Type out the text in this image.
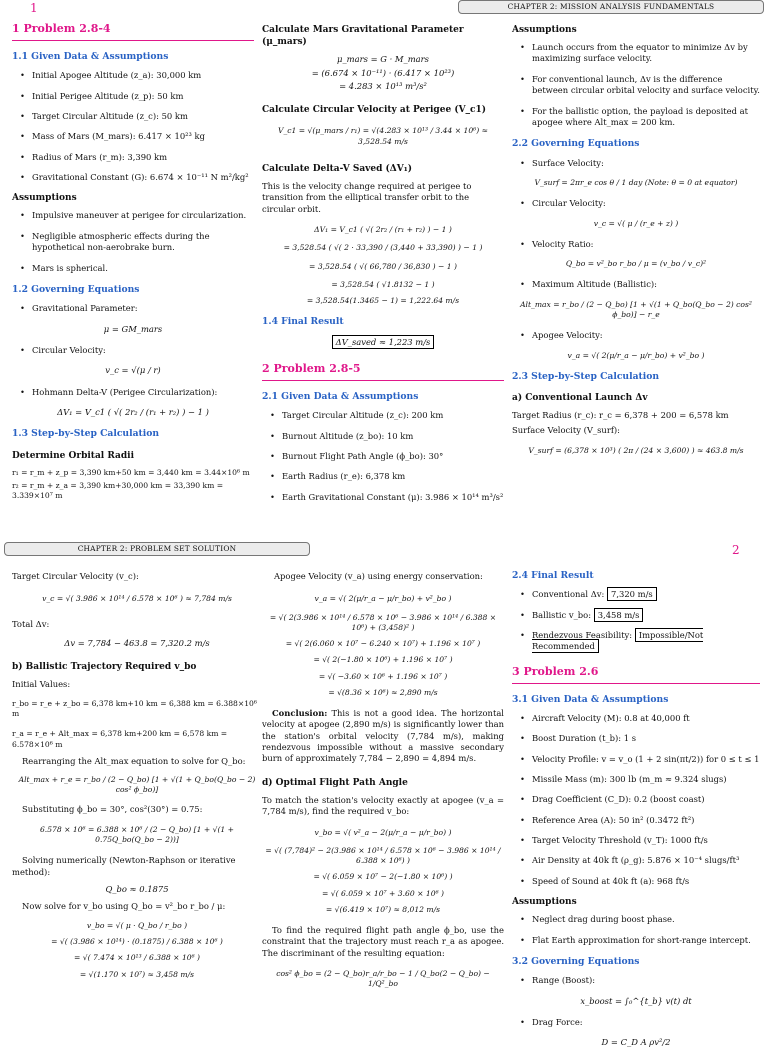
1	CHAPTER 2: MISSION ANALYSIS FUNDAMENTALS
1 Problem 2.8-4
1.1 Given Data & Assumptions
• Initial Apogee Altitude (z_a): 30,000 km
• Initial Perigee Altitude (z_p): 50 km
• Target Circular Altitude (z_c): 50 km
• Mass of Mars (M_mars): 6.417 × 10²³ kg
• Radius of Mars (r_m): 3,390 km
• Gravitational Constant (G): 6.674 × 10⁻¹¹ N m²/kg²
Assumptions
• Impulsive maneuver at perigee for circularization.
• Negligible atmospheric effects during the hypothetical non-aerobrake burn.
• Mars is spherical.
1.2 Governing Equations
• Gravitational Parameter:
μ = GM_mars
• Circular Velocity:
v_c = √(μ / r)
• Hohmann Delta-V (Perigee Circularization):
ΔV₁ = V_c1 ( √( 2r₂ / (r₁ + r₂) ) − 1 )
1.3 Step-by-Step Calculation
Determine Orbital Radii
r₁ = r_m + z_p = 3,390 km+50 km = 3,440 km = 3.44×10⁶ m
r₂ = r_m + z_a = 3,390 km+30,000 km = 33,390 km = 3.339×10⁷ m
Calculate Mars Gravitational Parameter (μ_mars)
μ_mars = G · M_mars
= (6.674 × 10⁻¹¹) · (6.417 × 10²³)
= 4.283 × 10¹³ m³/s²
Calculate Circular Velocity at Perigee (V_c1)
V_c1 = √(μ_mars / r₁) = √(4.283 × 10¹³ / 3.44 × 10⁶) ≈ 3,528.54 m/s
Calculate Delta-V Saved (ΔV₁)
This is the velocity change required at perigee to transition from the elliptical transfer orbit to the circular orbit.
ΔV₁ = V_c1 ( √( 2r₂ / (r₁ + r₂) ) − 1 )
= 3,528.54 ( √( 2 · 33,390 / (3,440 + 33,390) ) − 1 )
= 3,528.54 ( √( 66,780 / 36,830 ) − 1 )
= 3,528.54 ( √1.8132 − 1 )
= 3,528.54(1.3465 − 1) = 1,222.64 m/s
1.4 Final Result
ΔV_saved ≈ 1,223 m/s
2 Problem 2.8-5
2.1 Given Data & Assumptions
• Target Circular Altitude (z_c): 200 km
• Burnout Altitude (z_bo): 10 km
• Burnout Flight Path Angle (ϕ_bo): 30°
• Earth Radius (r_e): 6,378 km
• Earth Gravitational Constant (μ): 3.986 × 10¹⁴ m³/s²
Assumptions
• Launch occurs from the equator to minimize Δv by maximizing surface velocity.
• For conventional launch, Δv is the difference between circular orbital velocity and surface velocity.
• For the ballistic option, the payload is deposited at apogee where Alt_max = 200 km.
2.2 Governing Equations
• Surface Velocity:
V_surf = 2πr_e cos θ / 1 day (Note: θ = 0 at equator)
• Circular Velocity:
v_c = √( μ / (r_e + z) )
• Velocity Ratio:
Q_bo = v²_bo r_bo / μ = (v_bo / v_c)²
• Maximum Altitude (Ballistic):
Alt_max = r_bo / (2 − Q_bo) [1 + √(1 + Q_bo(Q_bo − 2) cos² ϕ_bo)] − r_e
• Apogee Velocity:
v_a = √( 2(μ/r_a − μ/r_bo) + v²_bo )
2.3 Step-by-Step Calculation
a) Conventional Launch Δv
Target Radius (r_c): r_c = 6,378 + 200 = 6,578 km
Surface Velocity (V_surf):
V_surf = (6,378 × 10³) ( 2π / (24 × 3,600) ) ≈ 463.8 m/s
CHAPTER 2: PROBLEM SET SOLUTION	2
Target Circular Velocity (v_c):
v_c = √( 3.986 × 10¹⁴ / 6.578 × 10⁶ ) ≈ 7,784 m/s
Total Δv:
Δv = 7,784 − 463.8 = 7,320.2 m/s
b) Ballistic Trajectory Required v_bo
Initial Values:
r_bo = r_e + z_bo = 6,378 km+10 km = 6,388 km = 6.388×10⁶ m
r_a = r_e + Alt_max = 6,378 km+200 km = 6,578 km = 6.578×10⁶ m
Rearranging the Alt_max equation to solve for Q_bo:
Alt_max + r_e = r_bo / (2 − Q_bo) [1 + √(1 + Q_bo(Q_bo − 2) cos² ϕ_bo)]
Substituting ϕ_bo = 30°, cos²(30°) = 0.75:
6.578 × 10⁶ = 6.388 × 10⁶ / (2 − Q_bo) [1 + √(1 + 0.75Q_bo(Q_bo − 2))]
Solving numerically (Newton-Raphson or iterative method):
Q_bo ≈ 0.1875
Now solve for v_bo using Q_bo = v²_bo r_bo / μ:
v_bo = √( μ · Q_bo / r_bo )
= √( (3.986 × 10¹⁴) · (0.1875) / 6.388 × 10⁶ )
= √( 7.474 × 10¹³ / 6.388 × 10⁶ )
= √(1.170 × 10⁷) ≈ 3,458 m/s
Apogee Velocity (v_a) using energy conservation:
v_a = √( 2(μ/r_a − μ/r_bo) + v²_bo )
= √( 2(3.986 × 10¹⁴ / 6.578 × 10⁶ − 3.986 × 10¹⁴ / 6.388 × 10⁶) + (3,458)² )
= √( 2(6.060 × 10⁷ − 6.240 × 10⁷) + 1.196 × 10⁷ )
= √( 2(−1.80 × 10⁶) + 1.196 × 10⁷ )
= √( −3.60 × 10⁶ + 1.196 × 10⁷ )
= √(8.36 × 10⁶) ≈ 2,890 m/s
Conclusion: This is not a good idea. The horizontal velocity at apogee (2,890 m/s) is significantly lower than the station's orbital velocity (7,784 m/s), making rendezvous impossible without a massive secondary burn of approximately 7,784 − 2,890 = 4,894 m/s.
d) Optimal Flight Path Angle
To match the station's velocity exactly at apogee (v_a = 7,784 m/s), find the required v_bo:
v_bo = √( v²_a − 2(μ/r_a − μ/r_bo) )
= √( (7,784)² − 2(3.986 × 10¹⁴ / 6.578 × 10⁶ − 3.986 × 10¹⁴ / 6.388 × 10⁶) )
= √( 6.059 × 10⁷ − 2(−1.80 × 10⁶) )
= √( 6.059 × 10⁷ + 3.60 × 10⁶ )
= √(6.419 × 10⁷) ≈ 8,012 m/s
To find the required flight path angle ϕ_bo, use the constraint that the trajectory must reach r_a as apogee. The discriminant of the resulting equation:
cos² ϕ_bo = (2 − Q_bo)r_a/r_bo − 1 / Q_bo(2 − Q_bo) − 1/Q²_bo
2.4 Final Result
• Conventional Δv: 7,320 m/s
• Ballistic v_bo: 3,458 m/s
• Rendezvous Feasibility: Impossible/Not Recommended
3 Problem 2.6
3.1 Given Data & Assumptions
• Aircraft Velocity (M): 0.8 at 40,000 ft
• Boost Duration (t_b): 1 s
• Velocity Profile: v = v_o (1 + 2 sin(πt/2)) for 0 ≤ t ≤ 1
• Missile Mass (m): 300 lb (m_m ≈ 9.324 slugs)
• Drag Coefficient (C_D): 0.2 (boost coast)
• Reference Area (A): 50 in² (0.3472 ft²)
• Target Velocity Threshold (v_T): 1000 ft/s
• Air Density at 40k ft (ρ_g): 5.876 × 10⁻⁴ slugs/ft³
• Speed of Sound at 40k ft (a): 968 ft/s
Assumptions
• Neglect drag during boost phase.
• Flat Earth approximation for short-range intercept.
3.2 Governing Equations
• Range (Boost):
x_boost = ∫₀^{t_b} v(t) dt
• Drag Force:
D = C_D A ρv²/2
